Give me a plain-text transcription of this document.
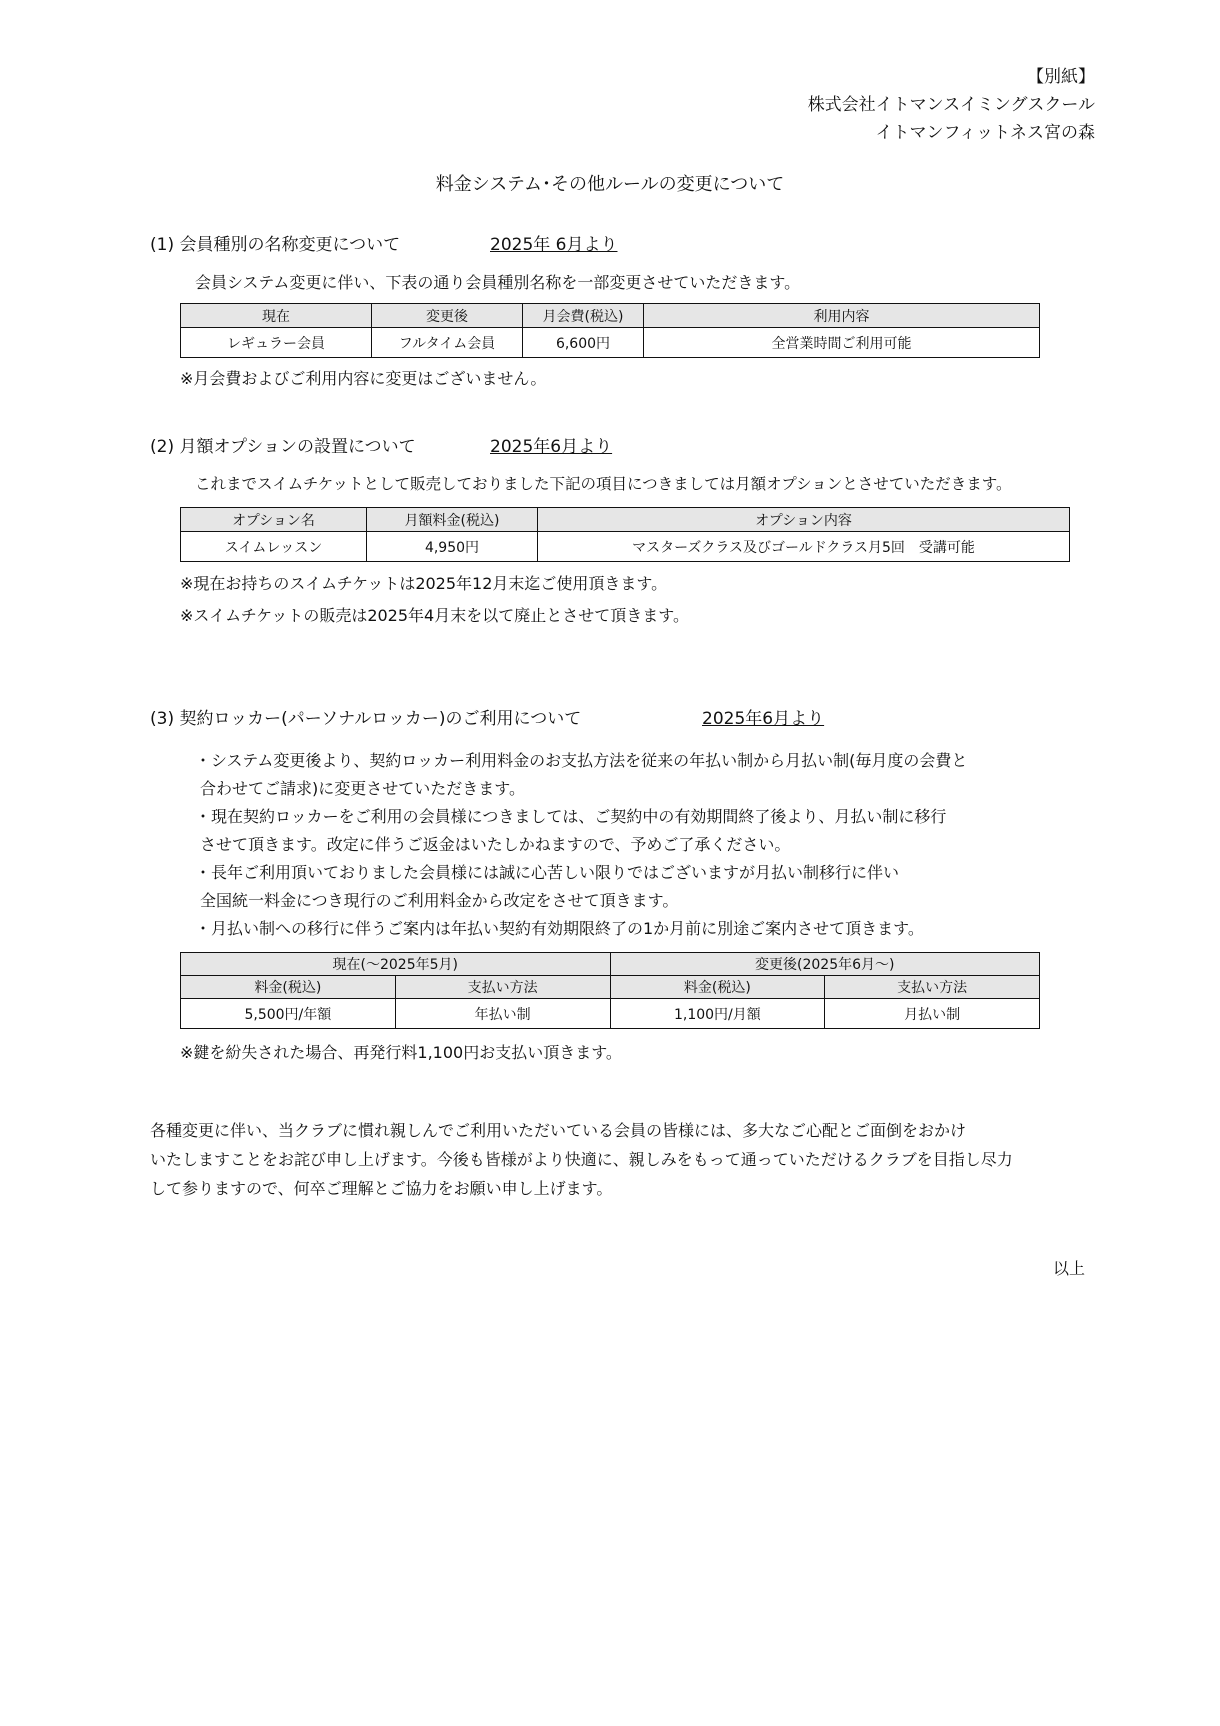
【別紙】
株式会社イトマンスイミングスクール
イトマンフィットネス宮の森
料金システム･その他ルールの変更について
(1) 会員種別の名称変更について	2025年 6月より
会員システム変更に伴い、下表の通り会員種別名称を一部変更させていただきます。
現在	変更後	月会費(税込)	利用内容
レギュラー会員	フルタイム会員	6,600円	全営業時間ご利用可能
※月会費およびご利用内容に変更はございません。
(2) 月額オプションの設置について	2025年6月より
これまでスイムチケットとして販売しておりました下記の項目につきましては月額オプションとさせていただきます。
オプション名	月額料金(税込)	オプション内容
スイムレッスン	4,950円	マスターズクラス及びゴールドクラス月5回　受講可能
※現在お持ちのスイムチケットは2025年12月末迄ご使用頂きます。
※スイムチケットの販売は2025年4月末を以て廃止とさせて頂きます。
(3) 契約ロッカー(パーソナルロッカー)のご利用について	2025年6月より
・システム変更後より、契約ロッカー利用料金のお支払方法を従来の年払い制から月払い制(毎月度の会費と
合わせてご請求)に変更させていただきます。
・現在契約ロッカーをご利用の会員様につきましては、ご契約中の有効期間終了後より、月払い制に移行
させて頂きます。改定に伴うご返金はいたしかねますので、予めご了承ください。
・長年ご利用頂いておりました会員様には誠に心苦しい限りではございますが月払い制移行に伴い
全国統一料金につき現行のご利用料金から改定をさせて頂きます。
・月払い制への移行に伴うご案内は年払い契約有効期限終了の1か月前に別途ご案内させて頂きます。
現在(～2025年5月)		変更後(2025年6月～)	
料金(税込)	支払い方法	料金(税込)	支払い方法
5,500円/年額	年払い制	1,100円/月額	月払い制
※鍵を紛失された場合、再発行料1,100円お支払い頂きます。
各種変更に伴い、当クラブに慣れ親しんでご利用いただいている会員の皆様には、多大なご心配とご面倒をおかけ
いたしますことをお詫び申し上げます。今後も皆様がより快適に、親しみをもって通っていただけるクラブを目指し尽力
して参りますので、何卒ご理解とご協力をお願い申し上げます。
以上
